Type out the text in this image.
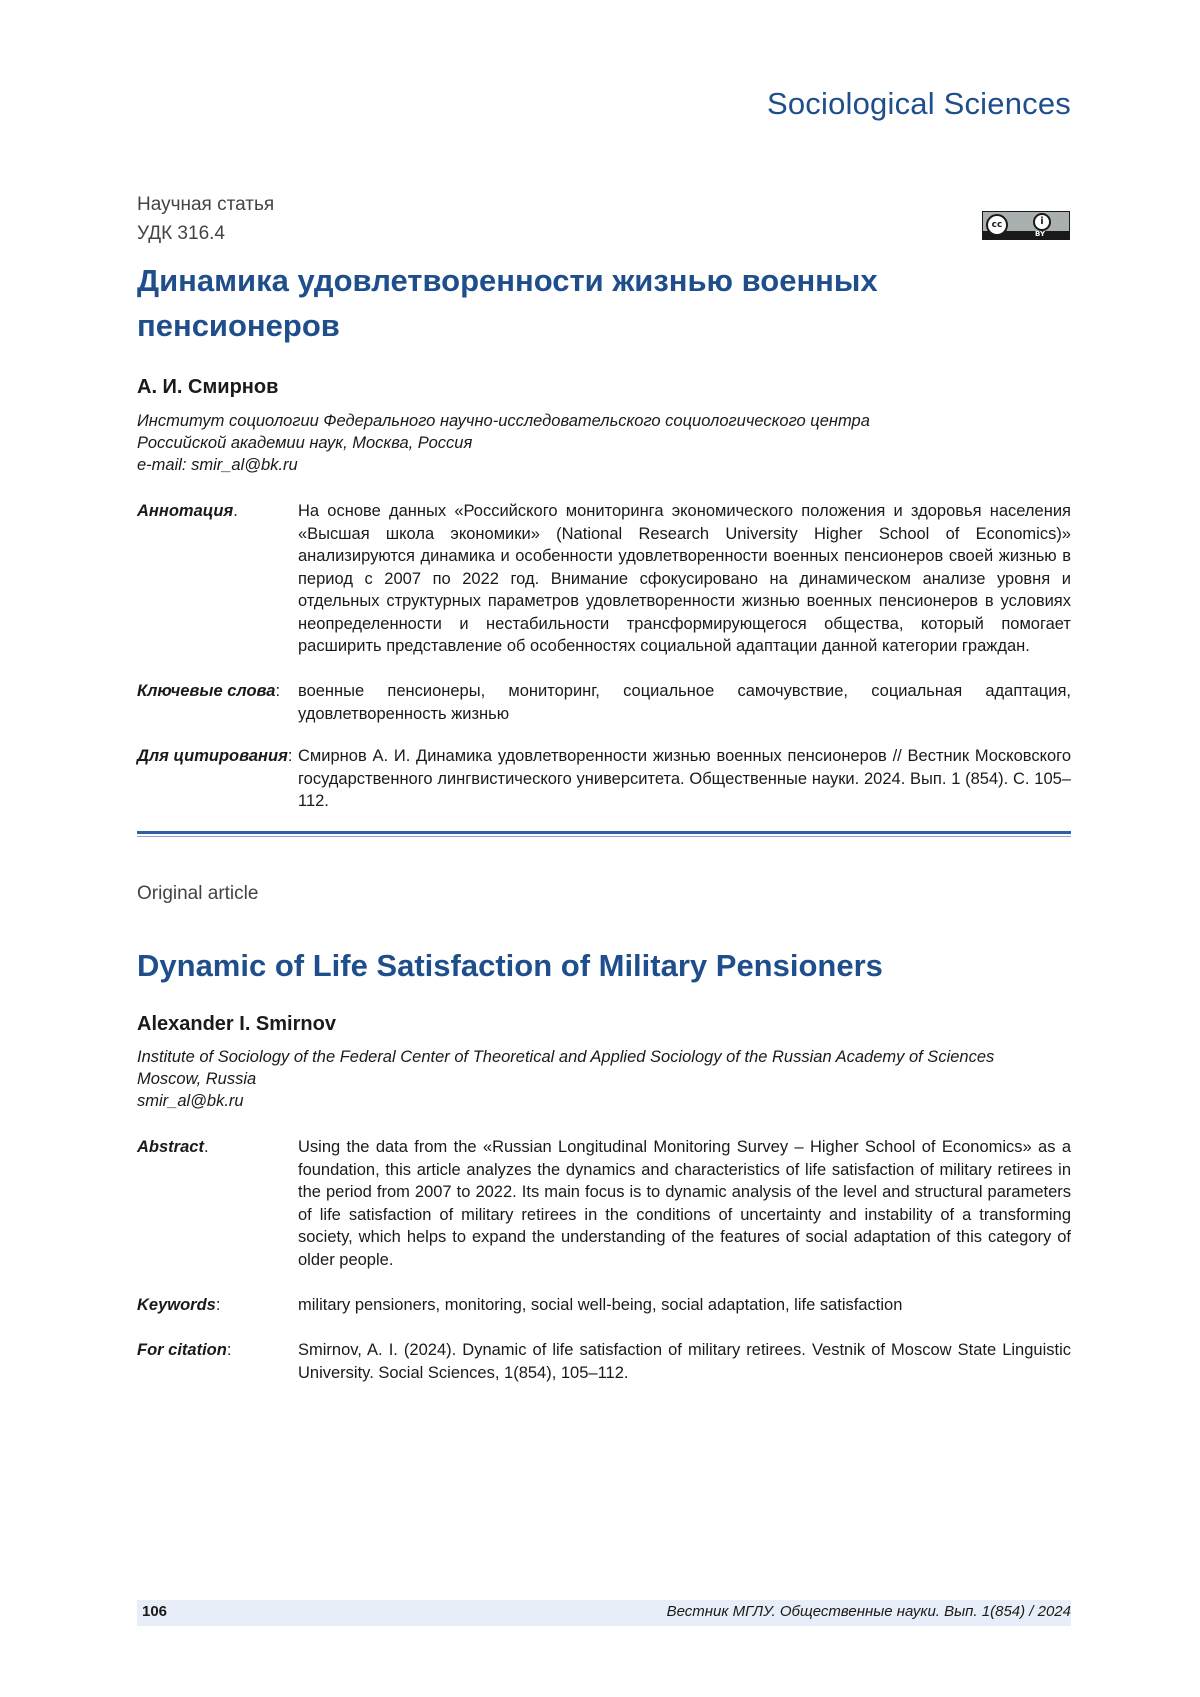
Sociological Sciences
Научная статья
УДК 316.4	cc	i
BY
Динамика удовлетворенности жизнью военных пенсионеров
А. И. Смирнов
Институт социологии Федерального научно-исследовательского социологического центра
Российской академии наук, Москва, Россия
e-mail: smir_al@bk.ru
Аннотация.	На основе данных «Российского мониторинга экономического положения и здоровья населения «Высшая школа экономики» (National Research University Higher School of Economics)» анализируются динамика и особенности удовлетворенности военных пенсионеров своей жизнью в период с 2007 по 2022 год. Внимание сфокусировано на динамическом анализе уровня и отдельных структурных параметров удовлетворенности жизнью военных пенсионеров в условиях неопределенности и нестабильности трансформирующегося общества, который помогает расширить представление об особенностях социальной адаптации данной категории граждан.
Ключевые слова:	военные пенсионеры, мониторинг, социальное самочувствие, социальная адаптация, удовлетворенность жизнью
Для цитирования: Смирнов А. И. Динамика удовлетворенности жизнью военных пенсионеров // Вестник Московского государственного лингвистического университета. Общественные науки. 2024. Вып. 1 (854). С. 105–112.
Original article
Dynamic of Life Satisfaction of Military Pensioners
Alexander I. Smirnov
Institute of Sociology of the Federal Center of Theoretical and Applied Sociology of the Russian Academy of Sciences
Moscow, Russia
smir_al@bk.ru
Abstract.	Using the data from the «Russian Longitudinal Monitoring Survey – Higher School of Economics» as a foundation, this article analyzes the dynamics and characteristics of life satisfaction of military retirees in the period from 2007 to 2022. Its main focus is to dynamic analysis of the level and structural parameters of life satisfaction of military retirees in the conditions of uncertainty and instability of a transforming society, which helps to expand the understanding of the features of social adaptation of this category of older people.
Keywords:	military pensioners, monitoring, social well-being, social adaptation, life satisfaction
For citation:	Smirnov, A. I. (2024). Dynamic of life satisfaction of military retirees. Vestnik of Moscow State Linguistic University. Social Sciences, 1(854), 105–112.
106	Вестник МГЛУ. Общественные науки. Вып. 1(854) / 2024
